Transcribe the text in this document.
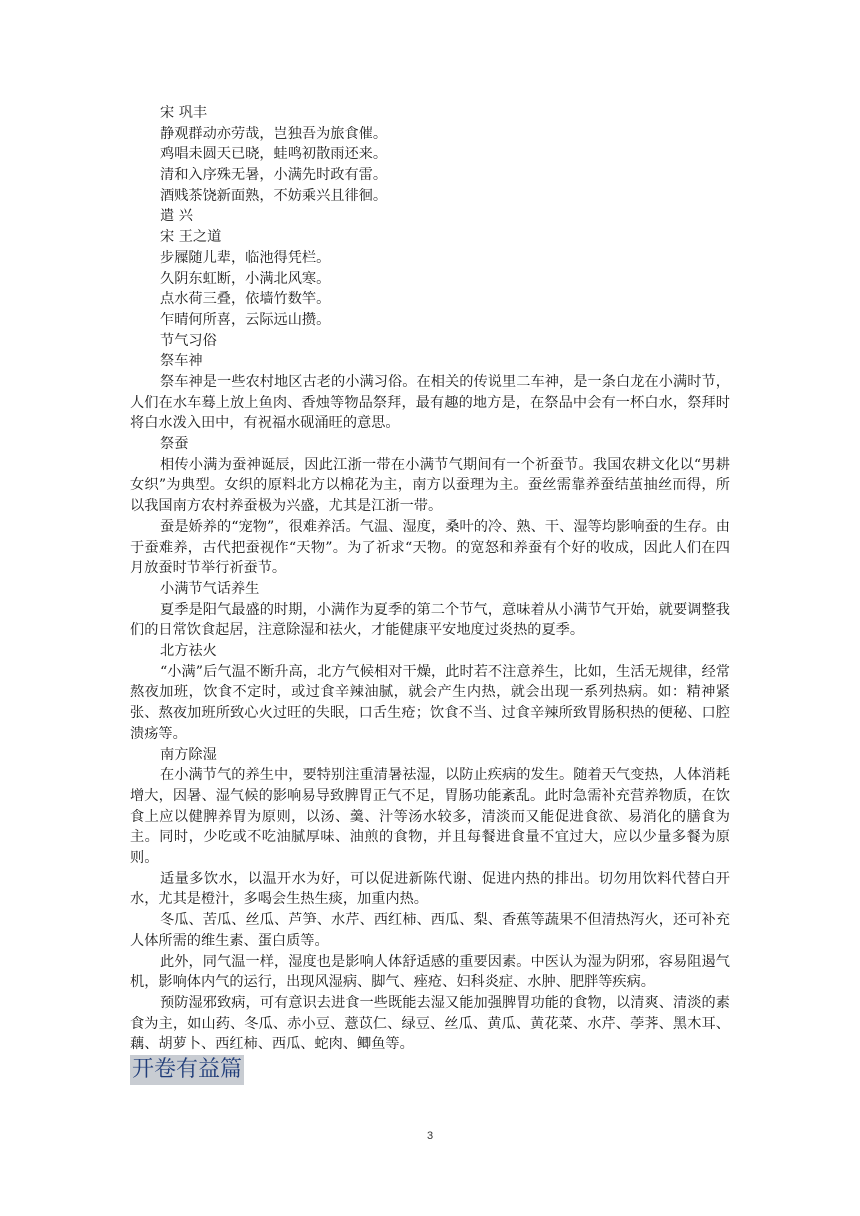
宋 巩丰
静观群动亦劳哉，岂独吾为旅食催。
鸡唱未圆天已晓，蛙鸣初散雨还来。
清和入序殊无暑，小满先时政有雷。
酒贱茶饶新面熟，不妨乘兴且徘徊。
遣 兴
宋 王之道
步屧随儿辈，临池得凭栏。
久阴东虹断，小满北风寒。
点水荷三叠，依墙竹数竿。
乍晴何所喜，云际远山攒。
节气习俗
祭车神
祭车神是一些农村地区古老的小满习俗。在相关的传说里二车神，是一条白龙在小满时节，人们在水车蓦上放上鱼肉、香烛等物品祭拜，最有趣的地方是，在祭品中会有一杯白水，祭拜时将白水泼入田中，有祝福水砚涌旺的意思。
祭蚕
相传小满为蚕神诞辰，因此江浙一带在小满节气期间有一个祈蚕节。我国农耕文化以“男耕女织”为典型。女织的原料北方以棉花为主，南方以蚕理为主。蚕丝需靠养蚕结茧抽丝而得，所以我国南方农村养蚕极为兴盛，尤其是江浙一带。
蚕是娇养的“宠物”，很难养活。气温、湿度，桑叶的冷、熟、干、湿等均影响蚕的生存。由于蚕难养，古代把蚕视作“天物”。为了祈求“天物。的宽怒和养蚕有个好的收成，因此人们在四月放蚕时节举行祈蚕节。
小满节气话养生
夏季是阳气最盛的时期，小满作为夏季的第二个节气，意味着从小满节气开始，就要调整我们的日常饮食起居，注意除湿和祛火，才能健康平安地度过炎热的夏季。
北方祛火
“小满”后气温不断升高，北方气候相对干燥，此时若不注意养生，比如，生活无规律，经常熬夜加班，饮食不定时，或过食辛辣油腻，就会产生内热，就会出现一系列热病。如：精神紧张、熬夜加班所致心火过旺的失眠，口舌生疮；饮食不当、过食辛辣所致胃肠积热的便秘、口腔溃疡等。
南方除湿
在小满节气的养生中，要特别注重清暑祛湿，以防止疾病的发生。随着天气变热，人体消耗增大，因暑、湿气候的影响易导致脾胃正气不足，胃肠功能紊乱。此时急需补充营养物质，在饮食上应以健脾养胃为原则，以汤、羹、汁等汤水较多，清淡而又能促进食欲、易消化的膳食为主。同时，少吃或不吃油腻厚味、油煎的食物，并且每餐进食量不宜过大，应以少量多餐为原则。
适量多饮水，以温开水为好，可以促进新陈代谢、促进内热的排出。切勿用饮料代替白开水，尤其是橙汁，多喝会生热生痰，加重内热。
冬瓜、苦瓜、丝瓜、芦笋、水芹、西红柿、西瓜、梨、香蕉等蔬果不但清热泻火，还可补充人体所需的维生素、蛋白质等。
此外，同气温一样，湿度也是影响人体舒适感的重要因素。中医认为湿为阴邪，容易阻遏气机，影响体内气的运行，出现风湿病、脚气、痤疮、妇科炎症、水肿、肥胖等疾病。
预防湿邪致病，可有意识去进食一些既能去湿又能加强脾胃功能的食物，以清爽、清淡的素食为主，如山药、冬瓜、赤小豆、薏苡仁、绿豆、丝瓜、黄瓜、黄花菜、水芹、荸荠、黑木耳、藕、胡萝卜、西红柿、西瓜、蛇肉、鲫鱼等。
开卷有益篇
3
